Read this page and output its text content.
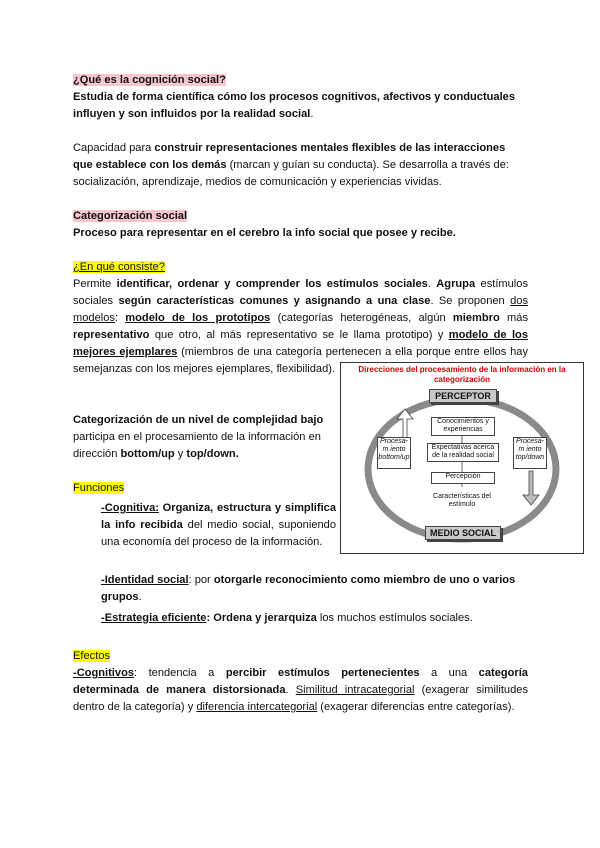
¿Qué es la cognición social?
Estudia de forma científica cómo los procesos cognitivos, afectivos y conductuales influyen y son influidos por la realidad social.
Capacidad para construir representaciones mentales flexibles de las interacciones que establece con los demás (marcan y guían su conducta). Se desarrolla a través de: socialización, aprendizaje, medios de comunicación y experiencias vividas.
Categorización social
Proceso para representar en el cerebro la info social que posee y recibe.
¿En qué consiste?
Permite identificar, ordenar y comprender los estímulos sociales. Agrupa estímulos sociales según características comunes y asignando a una clase. Se proponen dos modelos: modelo de los prototipos (categorías heterogéneas, algún miembro más representativo que otro, al más representativo se le llama prototipo) y modelo de los mejores ejemplares (miembros de una categoría pertenecen a ella porque entre ellos hay semejanzas con los mejores ejemplares, flexibilidad).
Categorización de un nivel de complejidad bajo participa en el procesamiento de la información en dirección bottom/up y top/down.
Funciones
-Cognitiva: Organiza, estructura y simplifica la info recibida del medio social, suponiendo una economía del proceso de la información.
-Identidad social: por otorgarle reconocimiento como miembro de uno o varios grupos.
-Estrategia eficiente: Ordena y jerarquiza los muchos estímulos sociales.
Efectos
-Cognitivos: tendencia a percibir estímulos pertenecientes a una categoría determinada de manera distorsionada. Similitud intracategorial (exagerar similitudes dentro de la categoría) y diferencia intercategorial (exagerar diferencias entre categorías).
Direcciones del procesamiento de la información en la categorización
PERCEPTOR
Conocimientos y experiencias
Expectativas acerca de la realidad social
Percepción
Características del estímulo
MEDIO SOCIAL
Procesa-m iento bottom/up
Procesa-m iento top/down
